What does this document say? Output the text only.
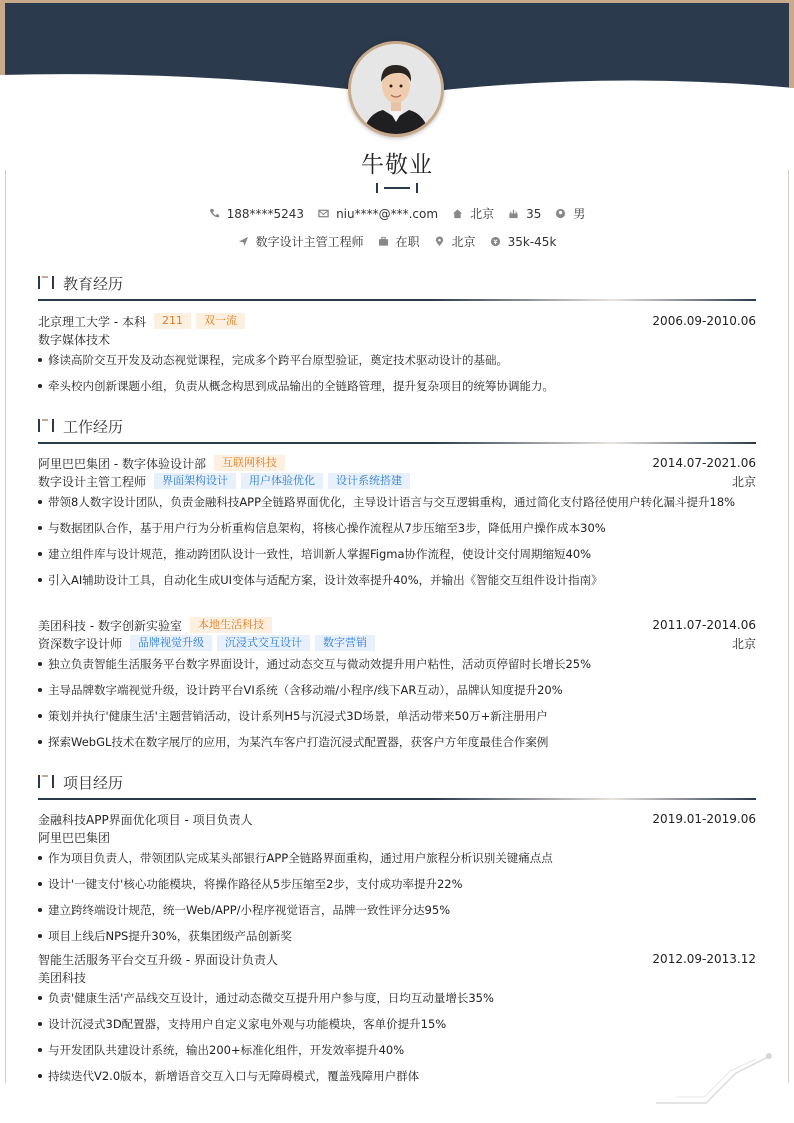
牛敬业
188****5243	niu****@***.com	北京	35	男
数字设计主管工程师	在职	北京	35k-45k
教育经历
北京理工大学 - 本科	211	双一流	2006.09-2010.06
数字媒体技术
修读高阶交互开发及动态视觉课程，完成多个跨平台原型验证，奠定技术驱动设计的基础。
牵头校内创新课题小组，负责从概念构思到成品输出的全链路管理，提升复杂项目的统筹协调能力。
工作经历
阿里巴巴集团 - 数字体验设计部	互联网科技	2014.07-2021.06
数字设计主管工程师	界面架构设计	用户体验优化	设计系统搭建	北京
带领8人数字设计团队，负责金融科技APP全链路界面优化，主导设计语言与交互逻辑重构，通过简化支付路径使用户转化漏斗提升18%
与数据团队合作，基于用户行为分析重构信息架构，将核心操作流程从7步压缩至3步，降低用户操作成本30%
建立组件库与设计规范，推动跨团队设计一致性，培训新人掌握Figma协作流程，使设计交付周期缩短40%
引入AI辅助设计工具，自动化生成UI变体与适配方案，设计效率提升40%，并输出《智能交互组件设计指南》
美团科技 - 数字创新实验室	本地生活科技	2011.07-2014.06
资深数字设计师	品牌视觉升级	沉浸式交互设计	数字营销	北京
独立负责智能生活服务平台数字界面设计，通过动态交互与微动效提升用户粘性，活动页停留时长增长25%
主导品牌数字端视觉升级，设计跨平台VI系统（含移动端/小程序/线下AR互动），品牌认知度提升20%
策划并执行'健康生活'主题营销活动，设计系列H5与沉浸式3D场景，单活动带来50万+新注册用户
探索WebGL技术在数字展厅的应用，为某汽车客户打造沉浸式配置器，获客户方年度最佳合作案例
项目经历
金融科技APP界面优化项目 - 项目负责人	2019.01-2019.06
阿里巴巴集团
作为项目负责人，带领团队完成某头部银行APP全链路界面重构，通过用户旅程分析识别关键痛点点
设计'一键支付'核心功能模块，将操作路径从5步压缩至2步，支付成功率提升22%
建立跨终端设计规范，统一Web/APP/小程序视觉语言，品牌一致性评分达95%
项目上线后NPS提升30%，获集团级产品创新奖
智能生活服务平台交互升级 - 界面设计负责人	2012.09-2013.12
美团科技
负责'健康生活'产品线交互设计，通过动态微交互提升用户参与度，日均互动量增长35%
设计沉浸式3D配置器，支持用户自定义家电外观与功能模块，客单价提升15%
与开发团队共建设计系统，输出200+标准化组件，开发效率提升40%
持续迭代V2.0版本，新增语音交互入口与无障碍模式，覆盖残障用户群体
